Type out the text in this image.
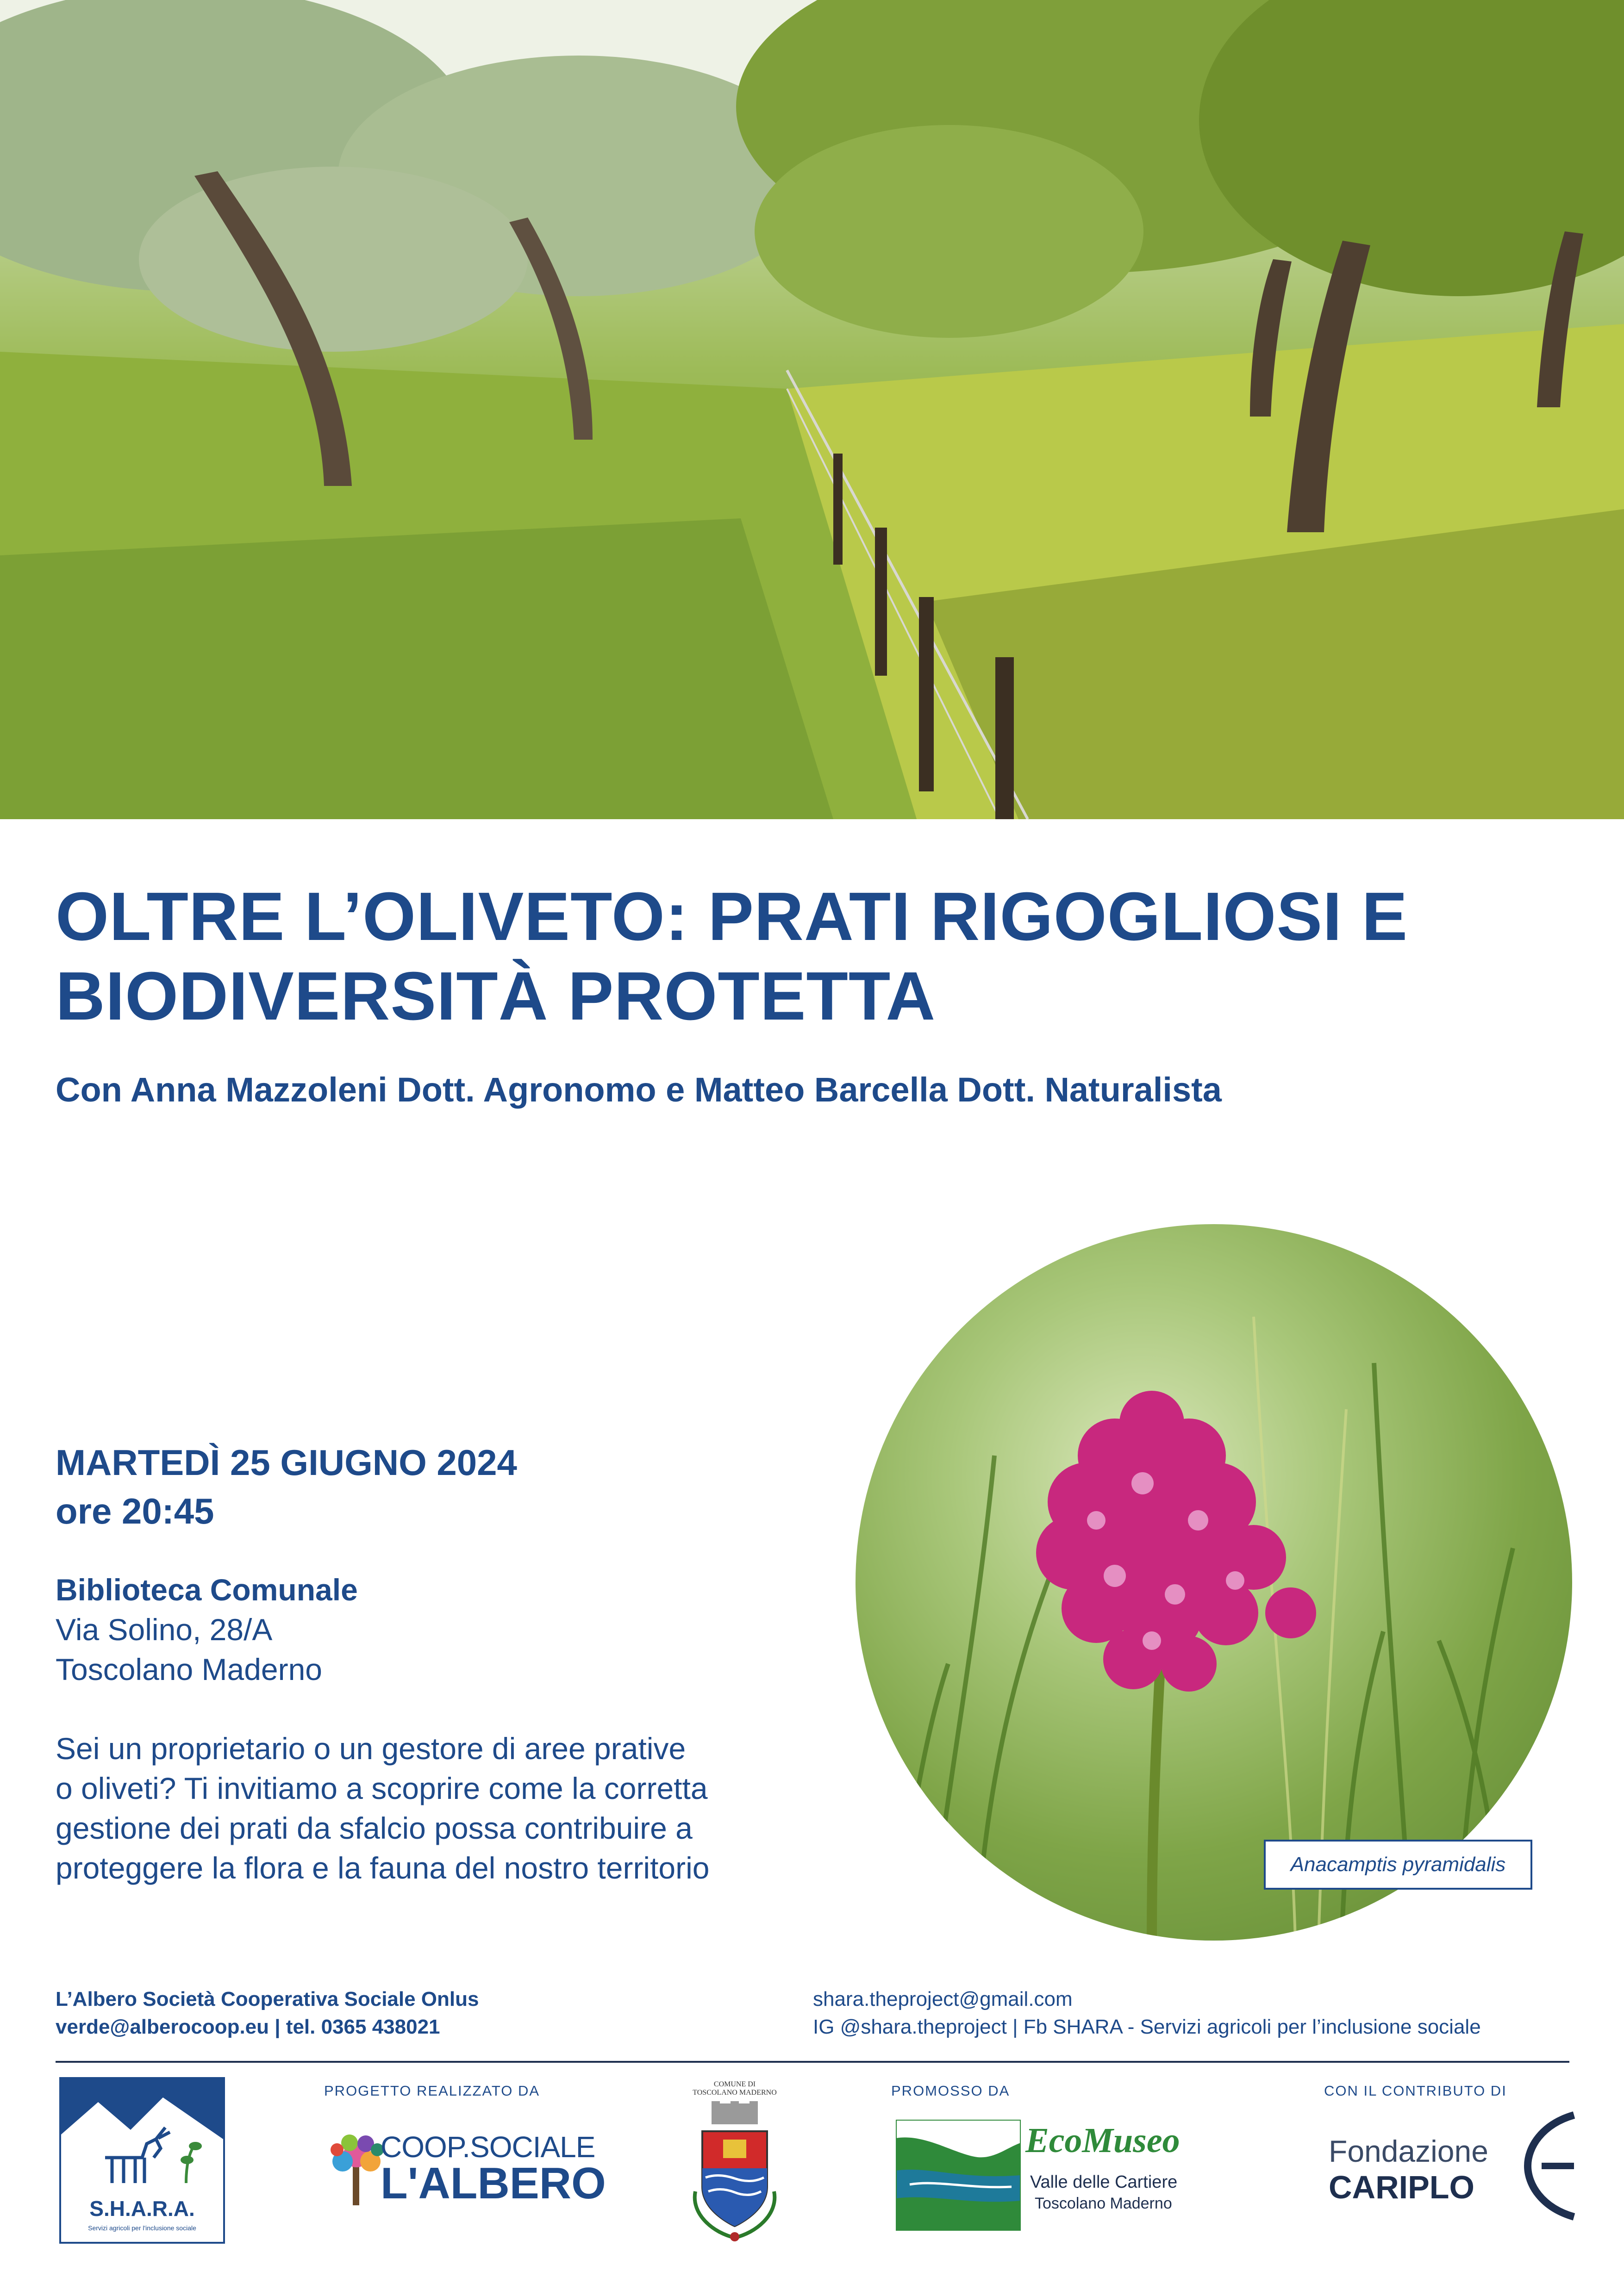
OLTRE L’OLIVETO: PRATI RIGOGLIOSI E
BIODIVERSITÀ PROTETTA
Con Anna Mazzoleni Dott. Agronomo e Matteo Barcella Dott. Naturalista
MARTEDÌ 25 GIUGNO 2024
ore 20:45
Biblioteca Comunale
Via Solino, 28/A
Toscolano Maderno
Sei un proprietario o un gestore di aree prative
o oliveti? Ti invitiamo a scoprire come la corretta
gestione dei prati da sfalcio possa contribuire a
proteggere la flora e la fauna del nostro territorio	Anacamptis pyramidalis
L’Albero Società Cooperativa Sociale Onlus
verde@alberocoop.eu | tel. 0365 438021
shara.theproject@gmail.com
IG @shara.theproject | Fb SHARA - Servizi agricoli per l’inclusione sociale
PROGETTO REALIZZATO DA	PROMOSSO DA	CON IL CONTRIBUTO DI
S.H.A.R.A.
Servizi agricoli per l'inclusione sociale
COOP.SOCIALE
L'ALBERO
COMUNE DI
TOSCOLANO MADERNO
EcoMuseo
Valle delle Cartiere
Toscolano Maderno
Fondazione
CARIPLO
